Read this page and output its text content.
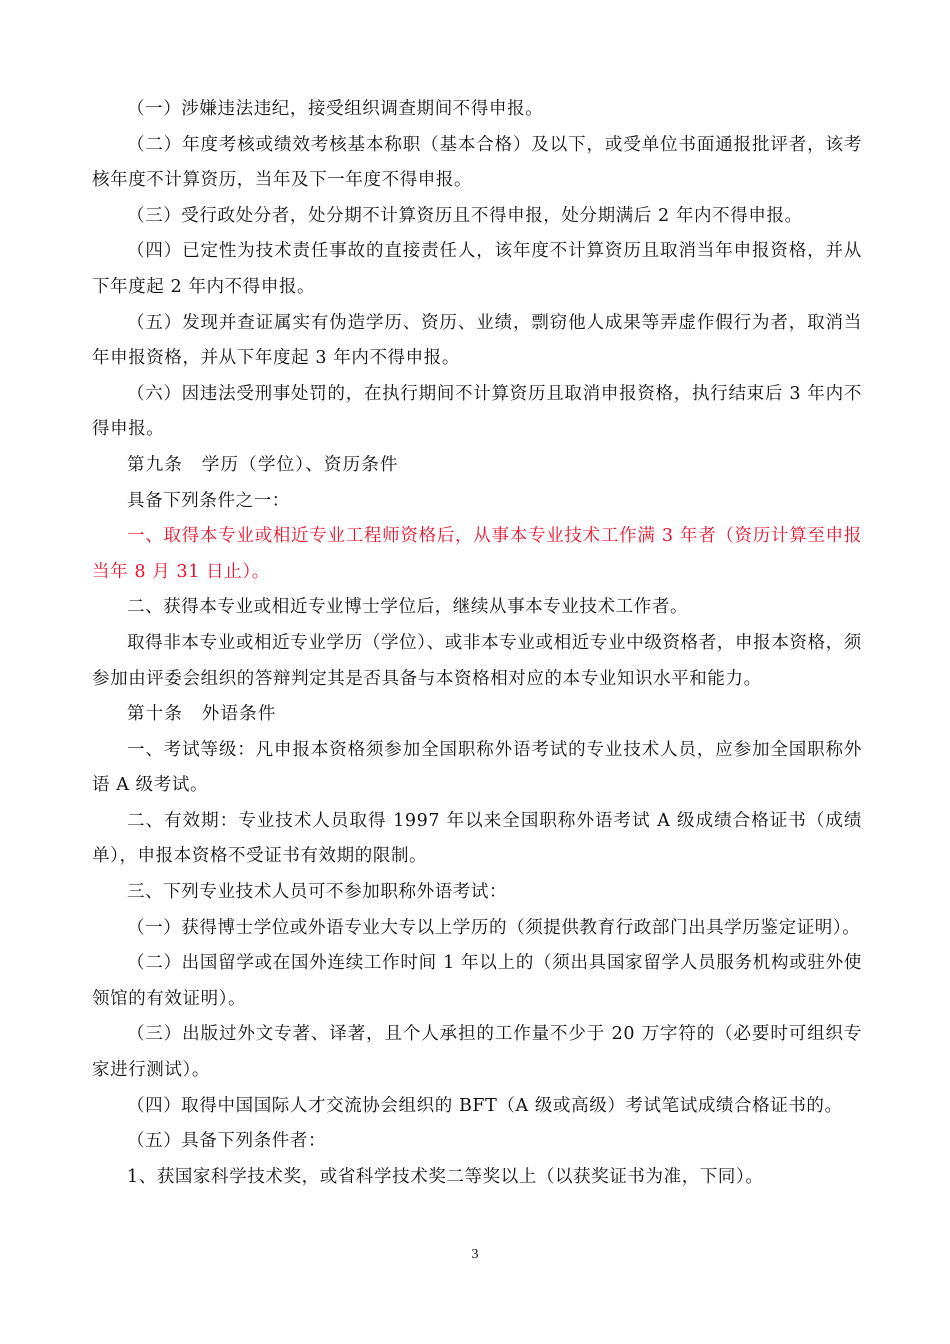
（一）涉嫌违法违纪，接受组织调查期间不得申报。

（二）年度考核或绩效考核基本称职（基本合格）及以下，或受单位书面通报批评者，该考核年度不计算资历，当年及下一年度不得申报。

（三）受行政处分者，处分期不计算资历且不得申报，处分期满后 2 年内不得申报。

（四）已定性为技术责任事故的直接责任人，该年度不计算资历且取消当年申报资格，并从下年度起 2 年内不得申报。

（五）发现并查证属实有伪造学历、资历、业绩，剽窃他人成果等弄虚作假行为者，取消当年申报资格，并从下年度起 3 年内不得申报。

（六）因违法受刑事处罚的，在执行期间不计算资历且取消申报资格，执行结束后 3 年内不得申报。

第九条　学历（学位）、资历条件

具备下列条件之一：

一、取得本专业或相近专业工程师资格后，从事本专业技术工作满 3 年者（资历计算至申报当年 8 月 31 日止）。

二、获得本专业或相近专业博士学位后，继续从事本专业技术工作者。

取得非本专业或相近专业学历（学位）、或非本专业或相近专业中级资格者，申报本资格，须参加由评委会组织的答辩判定其是否具备与本资格相对应的本专业知识水平和能力。

第十条　外语条件

一、考试等级：凡申报本资格须参加全国职称外语考试的专业技术人员，应参加全国职称外语 A 级考试。

二、有效期：专业技术人员取得 1997 年以来全国职称外语考试 A 级成绩合格证书（成绩单），申报本资格不受证书有效期的限制。

三、下列专业技术人员可不参加职称外语考试：

（一）获得博士学位或外语专业大专以上学历的（须提供教育行政部门出具学历鉴定证明）。

（二）出国留学或在国外连续工作时间 1 年以上的（须出具国家留学人员服务机构或驻外使领馆的有效证明）。

（三）出版过外文专著、译著，且个人承担的工作量不少于 20 万字符的（必要时可组织专家进行测试）。

（四）取得中国国际人才交流协会组织的 BFT（A 级或高级）考试笔试成绩合格证书的。

（五）具备下列条件者：

1、获国家科学技术奖，或省科学技术奖二等奖以上（以获奖证书为准，下同）。

3
